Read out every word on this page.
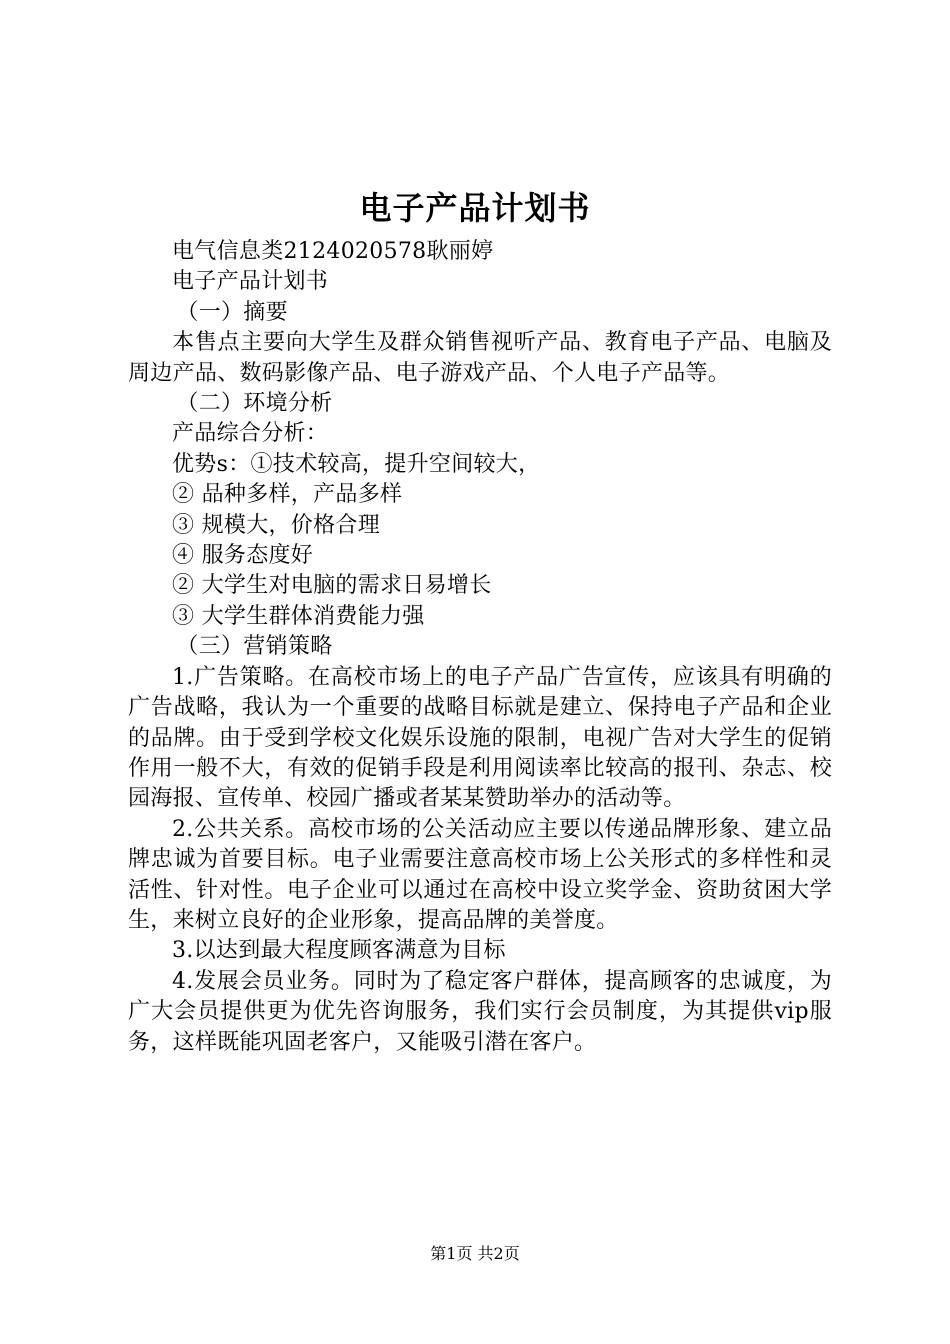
电子产品计划书

电气信息类2124020578耿丽婷

电子产品计划书

（一）摘要

本售点主要向大学生及群众销售视听产品、教育电子产品、电脑及周边产品、数码影像产品、电子游戏产品、个人电子产品等。

（二）环境分析

产品综合分析：

优势s：①技术较高，提升空间较大，

② 品种多样，产品多样

③ 规模大，价格合理

④ 服务态度好

② 大学生对电脑的需求日易增长

③ 大学生群体消费能力强

（三）营销策略

1.广告策略。在高校市场上的电子产品广告宣传，应该具有明确的广告战略，我认为一个重要的战略目标就是建立、保持电子产品和企业的品牌。由于受到学校文化娱乐设施的限制，电视广告对大学生的促销作用一般不大，有效的促销手段是利用阅读率比较高的报刊、杂志、校园海报、宣传单、校园广播或者某某赞助举办的活动等。

2.公共关系。高校市场的公关活动应主要以传递品牌形象、建立品牌忠诚为首要目标。电子业需要注意高校市场上公关形式的多样性和灵活性、针对性。电子企业可以通过在高校中设立奖学金、资助贫困大学生，来树立良好的企业形象，提高品牌的美誉度。

3.以达到最大程度顾客满意为目标

4.发展会员业务。同时为了稳定客户群体，提高顾客的忠诚度，为广大会员提供更为优先咨询服务，我们实行会员制度，为其提供vip服务，这样既能巩固老客户，又能吸引潜在客户。

第1页 共2页
